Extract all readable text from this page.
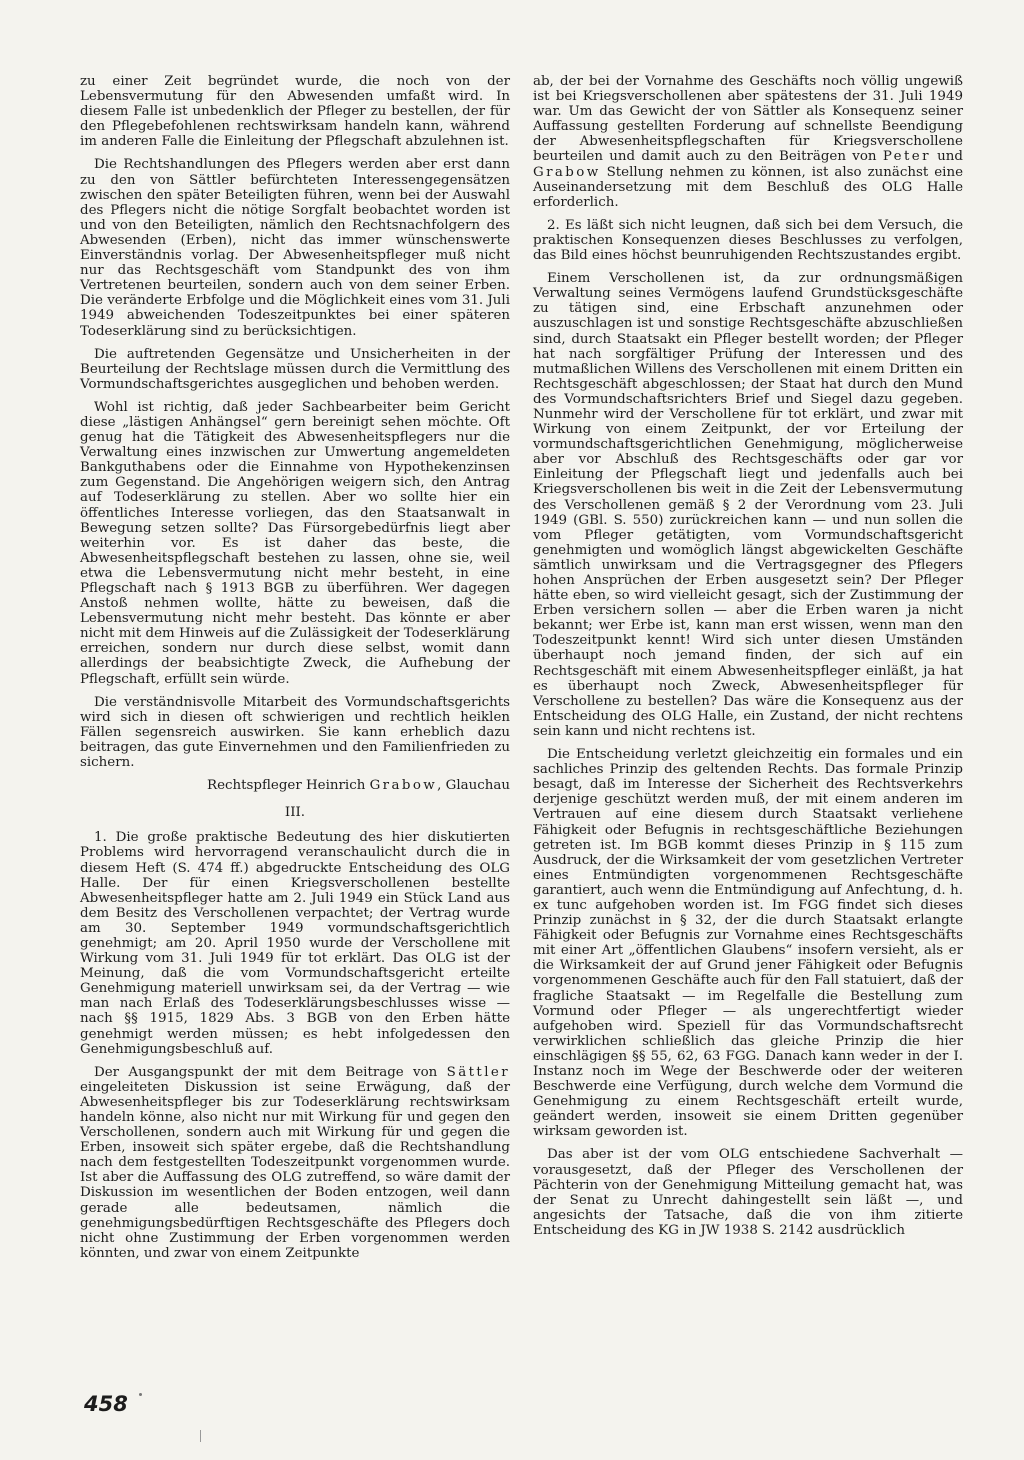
zu einer Zeit begründet wurde, die noch von der Lebensvermutung für den Abwesenden umfaßt wird. In diesem Falle ist unbedenklich der Pfleger zu bestellen, der für den Pflegebefohlenen rechtswirksam handeln kann, während im anderen Falle die Einleitung der Pflegschaft abzulehnen ist.

Die Rechtshandlungen des Pflegers werden aber erst dann zu den von Sättler befürchteten Interessengegensätzen zwischen den später Beteiligten führen, wenn bei der Auswahl des Pflegers nicht die nötige Sorgfalt beobachtet worden ist und von den Beteiligten, nämlich den Rechtsnachfolgern des Abwesenden (Erben), nicht das immer wünschenswerte Einverständnis vorlag. Der Abwesenheitspfleger muß nicht nur das Rechtsgeschäft vom Standpunkt des von ihm Vertretenen beurteilen, sondern auch von dem seiner Erben. Die veränderte Erbfolge und die Möglichkeit eines vom 31. Juli 1949 abweichenden Todeszeitpunktes bei einer späteren Todeserklärung sind zu berücksichtigen.

Die auftretenden Gegensätze und Unsicherheiten in der Beurteilung der Rechtslage müssen durch die Vermittlung des Vormundschaftsgerichtes ausgeglichen und behoben werden.

Wohl ist richtig, daß jeder Sachbearbeiter beim Gericht diese „lästigen Anhängsel“ gern bereinigt sehen möchte. Oft genug hat die Tätigkeit des Abwesenheitspflegers nur die Verwaltung eines inzwischen zur Umwertung angemeldeten Bankguthabens oder die Einnahme von Hypothekenzinsen zum Gegenstand. Die Angehörigen weigern sich, den Antrag auf Todeserklärung zu stellen. Aber wo sollte hier ein öffentliches Interesse vorliegen, das den Staatsanwalt in Bewegung setzen sollte? Das Fürsorgebedürfnis liegt aber weiterhin vor. Es ist daher das beste, die Abwesenheitspflegschaft bestehen zu lassen, ohne sie, weil etwa die Lebensvermutung nicht mehr besteht, in eine Pflegschaft nach § 1913 BGB zu überführen. Wer dagegen Anstoß nehmen wollte, hätte zu beweisen, daß die Lebensvermutung nicht mehr besteht. Das könnte er aber nicht mit dem Hinweis auf die Zulässigkeit der Todeserklärung erreichen, sondern nur durch diese selbst, womit dann allerdings der beabsichtigte Zweck, die Aufhebung der Pflegschaft, erfüllt sein würde.

Die verständnisvolle Mitarbeit des Vormundschaftsgerichts wird sich in diesen oft schwierigen und rechtlich heiklen Fällen segensreich auswirken. Sie kann erheblich dazu beitragen, das gute Einvernehmen und den Familienfrieden zu sichern.

Rechtspfleger Heinrich Grabow, Glauchau
III.

1. Die große praktische Bedeutung des hier diskutierten Problems wird hervorragend veranschaulicht durch die in diesem Heft (S. 474 ff.) abgedruckte Entscheidung des OLG Halle. Der für einen Kriegsverschollenen bestellte Abwesenheitspfleger hatte am 2. Juli 1949 ein Stück Land aus dem Besitz des Verschollenen verpachtet; der Vertrag wurde am 30. September 1949 vormundschaftsgerichtlich genehmigt; am 20. April 1950 wurde der Verschollene mit Wirkung vom 31. Juli 1949 für tot erklärt. Das OLG ist der Meinung, daß die vom Vormundschaftsgericht erteilte Genehmigung materiell unwirksam sei, da der Vertrag — wie man nach Erlaß des Todeserklärungsbeschlusses wisse — nach §§ 1915, 1829 Abs. 3 BGB von den Erben hätte genehmigt werden müssen; es hebt infolgedessen den Genehmigungsbeschluß auf.

Der Ausgangspunkt der mit dem Beitrage von Sättler eingeleiteten Diskussion ist seine Erwägung, daß der Abwesenheitspfleger bis zur Todeserklärung rechtswirksam handeln könne, also nicht nur mit Wirkung für und gegen den Verschollenen, sondern auch mit Wirkung für und gegen die Erben, insoweit sich später ergebe, daß die Rechtshandlung nach dem festgestellten Todeszeitpunkt vorgenommen wurde. Ist aber die Auffassung des OLG zutreffend, so wäre damit der Diskussion im wesentlichen der Boden entzogen, weil dann gerade alle bedeutsamen, nämlich die genehmigungsbedürftigen Rechtsgeschäfte des Pflegers doch nicht ohne Zustimmung der Erben vorgenommen werden könnten, und zwar von einem Zeitpunkte

ab, der bei der Vornahme des Geschäfts noch völlig ungewiß ist bei Kriegsverschollenen aber spätestens der 31. Juli 1949 war. Um das Gewicht der von Sättler als Konsequenz seiner Auffassung gestellten Forderung auf schnellste Beendigung der Abwesenheitspflegschaften für Kriegsverschollene beurteilen und damit auch zu den Beiträgen von Peter und Grabow Stellung nehmen zu können, ist also zunächst eine Auseinandersetzung mit dem Beschluß des OLG Halle erforderlich.

2. Es läßt sich nicht leugnen, daß sich bei dem Versuch, die praktischen Konsequenzen dieses Beschlusses zu verfolgen, das Bild eines höchst beunruhigenden Rechtszustandes ergibt.

Einem Verschollenen ist, da zur ordnungsmäßigen Verwaltung seines Vermögens laufend Grundstücksgeschäfte zu tätigen sind, eine Erbschaft anzunehmen oder auszuschlagen ist und sonstige Rechtsgeschäfte abzuschließen sind, durch Staatsakt ein Pfleger bestellt worden; der Pfleger hat nach sorgfältiger Prüfung der Interessen und des mutmaßlichen Willens des Verschollenen mit einem Dritten ein Rechtsgeschäft abgeschlossen; der Staat hat durch den Mund des Vormundschaftsrichters Brief und Siegel dazu gegeben. Nunmehr wird der Verschollene für tot erklärt, und zwar mit Wirkung von einem Zeitpunkt, der vor Erteilung der vormundschaftsgerichtlichen Genehmigung, möglicherweise aber vor Abschluß des Rechtsgeschäfts oder gar vor Einleitung der Pflegschaft liegt und jedenfalls auch bei Kriegsverschollenen bis weit in die Zeit der Lebensvermutung des Verschollenen gemäß § 2 der Verordnung vom 23. Juli 1949 (GBl. S. 550) zurückreichen kann — und nun sollen die vom Pfleger getätigten, vom Vormundschaftsgericht genehmigten und womöglich längst abgewickelten Geschäfte sämtlich unwirksam und die Vertragsgegner des Pflegers hohen Ansprüchen der Erben ausgesetzt sein? Der Pfleger hätte eben, so wird vielleicht gesagt, sich der Zustimmung der Erben versichern sollen — aber die Erben waren ja nicht bekannt; wer Erbe ist, kann man erst wissen, wenn man den Todeszeitpunkt kennt! Wird sich unter diesen Umständen überhaupt noch jemand finden, der sich auf ein Rechtsgeschäft mit einem Abwesenheitspfleger einläßt, ja hat es überhaupt noch Zweck, Abwesenheitspfleger für Verschollene zu bestellen? Das wäre die Konsequenz aus der Entscheidung des OLG Halle, ein Zustand, der nicht rechtens sein kann und nicht rechtens ist.

Die Entscheidung verletzt gleichzeitig ein formales und ein sachliches Prinzip des geltenden Rechts. Das formale Prinzip besagt, daß im Interesse der Sicherheit des Rechtsverkehrs derjenige geschützt werden muß, der mit einem anderen im Vertrauen auf eine diesem durch Staatsakt verliehene Fähigkeit oder Befugnis in rechtsgeschäftliche Beziehungen getreten ist. Im BGB kommt dieses Prinzip in § 115 zum Ausdruck, der die Wirksamkeit der vom gesetzlichen Vertreter eines Entmündigten vorgenommenen Rechtsgeschäfte garantiert, auch wenn die Entmündigung auf Anfechtung, d. h. ex tunc aufgehoben worden ist. Im FGG findet sich dieses Prinzip zunächst in § 32, der die durch Staatsakt erlangte Fähigkeit oder Befugnis zur Vornahme eines Rechtsgeschäfts mit einer Art „öffentlichen Glaubens“ insofern versieht, als er die Wirksamkeit der auf Grund jener Fähigkeit oder Befugnis vorgenommenen Geschäfte auch für den Fall statuiert, daß der fragliche Staatsakt — im Regelfalle die Bestellung zum Vormund oder Pfleger — als ungerechtfertigt wieder aufgehoben wird. Speziell für das Vormundschaftsrecht verwirklichen schließlich das gleiche Prinzip die hier einschlägigen §§ 55, 62, 63 FGG. Danach kann weder in der I. Instanz noch im Wege der Beschwerde oder der weiteren Beschwerde eine Verfügung, durch welche dem Vormund die Genehmigung zu einem Rechtsgeschäft erteilt wurde, geändert werden, insoweit sie einem Dritten gegenüber wirksam geworden ist.

Das aber ist der vom OLG entschiedene Sachverhalt — vorausgesetzt, daß der Pfleger des Verschollenen der Pächterin von der Genehmigung Mitteilung gemacht hat, was der Senat zu Unrecht dahingestellt sein läßt —, und angesichts der Tatsache, daß die von ihm zitierte Entscheidung des KG in JW 1938 S. 2142 ausdrücklich

458
